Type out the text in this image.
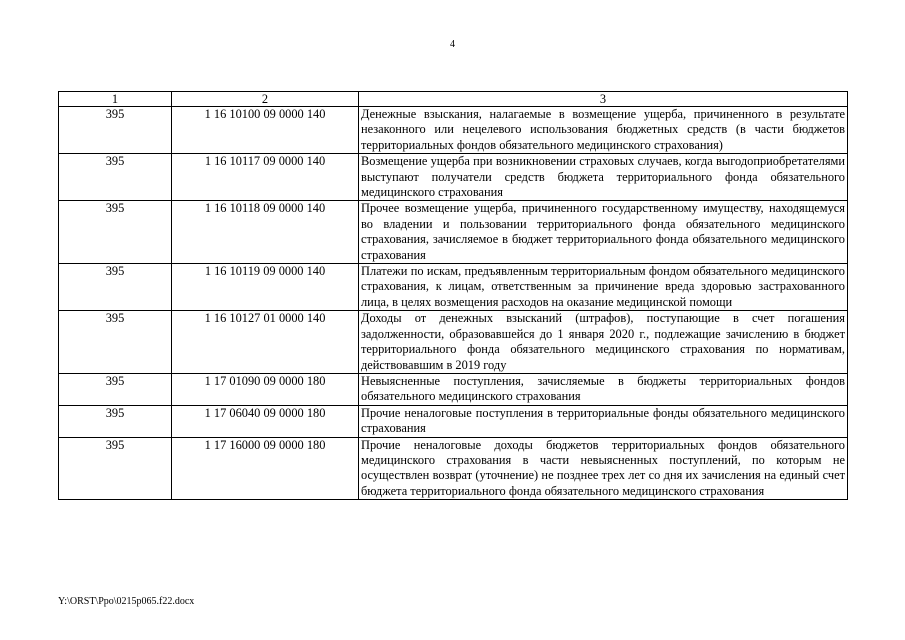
4
1	2	3
395	1 16 10100 09 0000 140	Денежные взыскания, налагаемые в возмещение ущерба, причиненного в результате незаконного или нецелевого использования бюджетных средств (в части бюджетов территориальных фондов обязательного медицинского страхования)
395	1 16 10117 09 0000 140	Возмещение ущерба при возникновении страховых случаев, когда выгодоприобретателями выступают получатели средств бюджета территориального фонда обязательного медицинского страхования
395	1 16 10118 09 0000 140	Прочее возмещение ущерба, причиненного государственному имуществу, находящемуся во владении и пользовании территориального фонда обязательного медицинского страхования, зачисляемое в бюджет территориального фонда обязательного медицинского страхования
395	1 16 10119 09 0000 140	Платежи по искам, предъявленным территориальным фондом обязательного медицинского страхования, к лицам, ответственным за причинение вреда здоровью застрахованного лица, в целях возмещения расходов на оказание медицинской помощи
395	1 16 10127 01 0000 140	Доходы от денежных взысканий (штрафов), поступающие в счет погашения задолженности, образовавшейся до 1 января 2020 г., подлежащие зачислению в бюджет территориального фонда обязательного медицинского страхования по нормативам, действовавшим в 2019 году
395	1 17 01090 09 0000 180	Невыясненные поступления, зачисляемые в бюджеты территориальных фондов обязательного медицинского страхования
395	1 17 06040 09 0000 180	Прочие неналоговые поступления в территориальные фонды обязательного медицинского страхования
395	1 17 16000 09 0000 180	Прочие неналоговые доходы бюджетов территориальных фондов обязательного медицинского страхования в части невыясненных поступлений, по которым не осуществлен возврат (уточнение) не позднее трех лет со дня их зачисления на единый счет бюджета территориального фонда обязательного медицинского страхования
Y:\ORST\Ppo\0215p065.f22.docx
